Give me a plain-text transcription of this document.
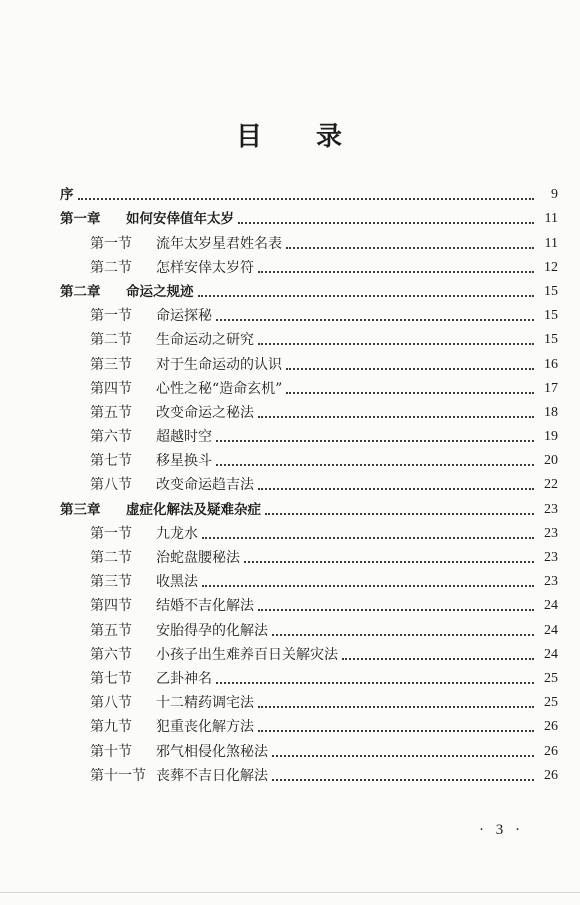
目 录
序	9
第一章 如何安倖值年太岁	11
第一节 流年太岁星君姓名表	11
第二节 怎样安倖太岁符	12
第二章 命运之规迹	15
第一节 命运探秘	15
第二节 生命运动之研究	15
第三节 对于生命运动的认识	16
第四节 心性之秘“造命玄机”	17
第五节 改变命运之秘法	18
第六节 超越时空	19
第七节 移星换斗	20
第八节 改变命运趋吉法	22
第三章 虚症化解法及疑难杂症	23
第一节 九龙水	23
第二节 治蛇盘腰秘法	23
第三节 收黑法	23
第四节 结婚不吉化解法	24
第五节 安胎得孕的化解法	24
第六节 小孩子出生难养百日关解灾法	24
第七节 乙卦神名	25
第八节 十二精药调宅法	25
第九节 犯重丧化解方法	26
第十节 邪气相侵化煞秘法	26
第十一节 丧葬不吉日化解法	26
· 3 ·
